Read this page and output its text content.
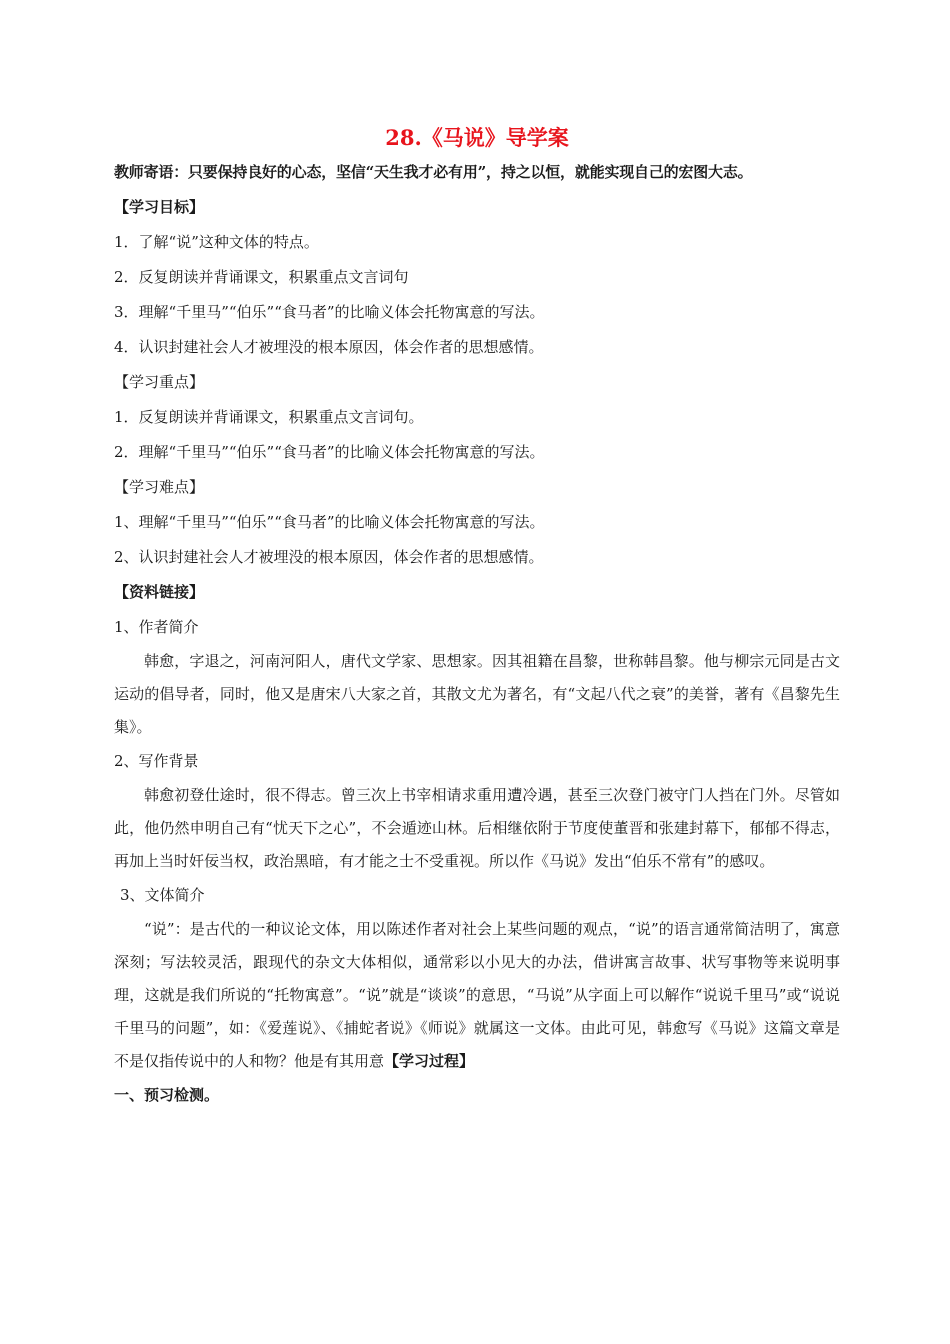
28.《马说》导学案
教师寄语：只要保持良好的心态，坚信“天生我才必有用”，持之以恒，就能实现自己的宏图大志。
【学习目标】
1．了解“说”这种文体的特点。
2．反复朗读并背诵课文，积累重点文言词句
3．理解“千里马”“伯乐”“食马者”的比喻义体会托物寓意的写法。
4．认识封建社会人才被埋没的根本原因，体会作者的思想感情。
【学习重点】
1．反复朗读并背诵课文，积累重点文言词句。
2．理解“千里马”“伯乐”“食马者”的比喻义体会托物寓意的写法。
【学习难点】
1、理解“千里马”“伯乐”“食马者”的比喻义体会托物寓意的写法。
2、认识封建社会人才被埋没的根本原因，体会作者的思想感情。
【资料链接】
1、作者简介

韩愈，字退之，河南河阳人，唐代文学家、思想家。因其祖籍在昌黎，世称韩昌黎。他与柳宗元同是古文运动的倡导者，同时，他又是唐宋八大家之首，其散文尤为著名，有“文起八代之衰”的美誉，著有《昌黎先生集》。

2、写作背景

韩愈初登仕途时，很不得志。曾三次上书宰相请求重用遭冷遇，甚至三次登门被守门人挡在门外。尽管如此，他仍然申明自己有“忧天下之心”，不会遁迹山林。后相继依附于节度使董晋和张建封幕下，郁郁不得志，再加上当时奸佞当权，政治黑暗，有才能之士不受重视。所以作《马说》发出“伯乐不常有”的感叹。

3、文体简介

“说”：是古代的一种议论文体，用以陈述作者对社会上某些问题的观点，“说”的语言通常简洁明了，寓意深刻；写法较灵活，跟现代的杂文大体相似，通常彩以小见大的办法，借讲寓言故事、状写事物等来说明事理，这就是我们所说的“托物寓意”。“说”就是“谈谈”的意思，“马说”从字面上可以解作“说说千里马”或“说说千里马的问题”，如：《爱莲说》、《捕蛇者说》《师说》就属这一文体。由此可见，韩愈写《马说》这篇文章是不是仅指传说中的人和物？他是有其用意【学习过程】

一、预习检测。
